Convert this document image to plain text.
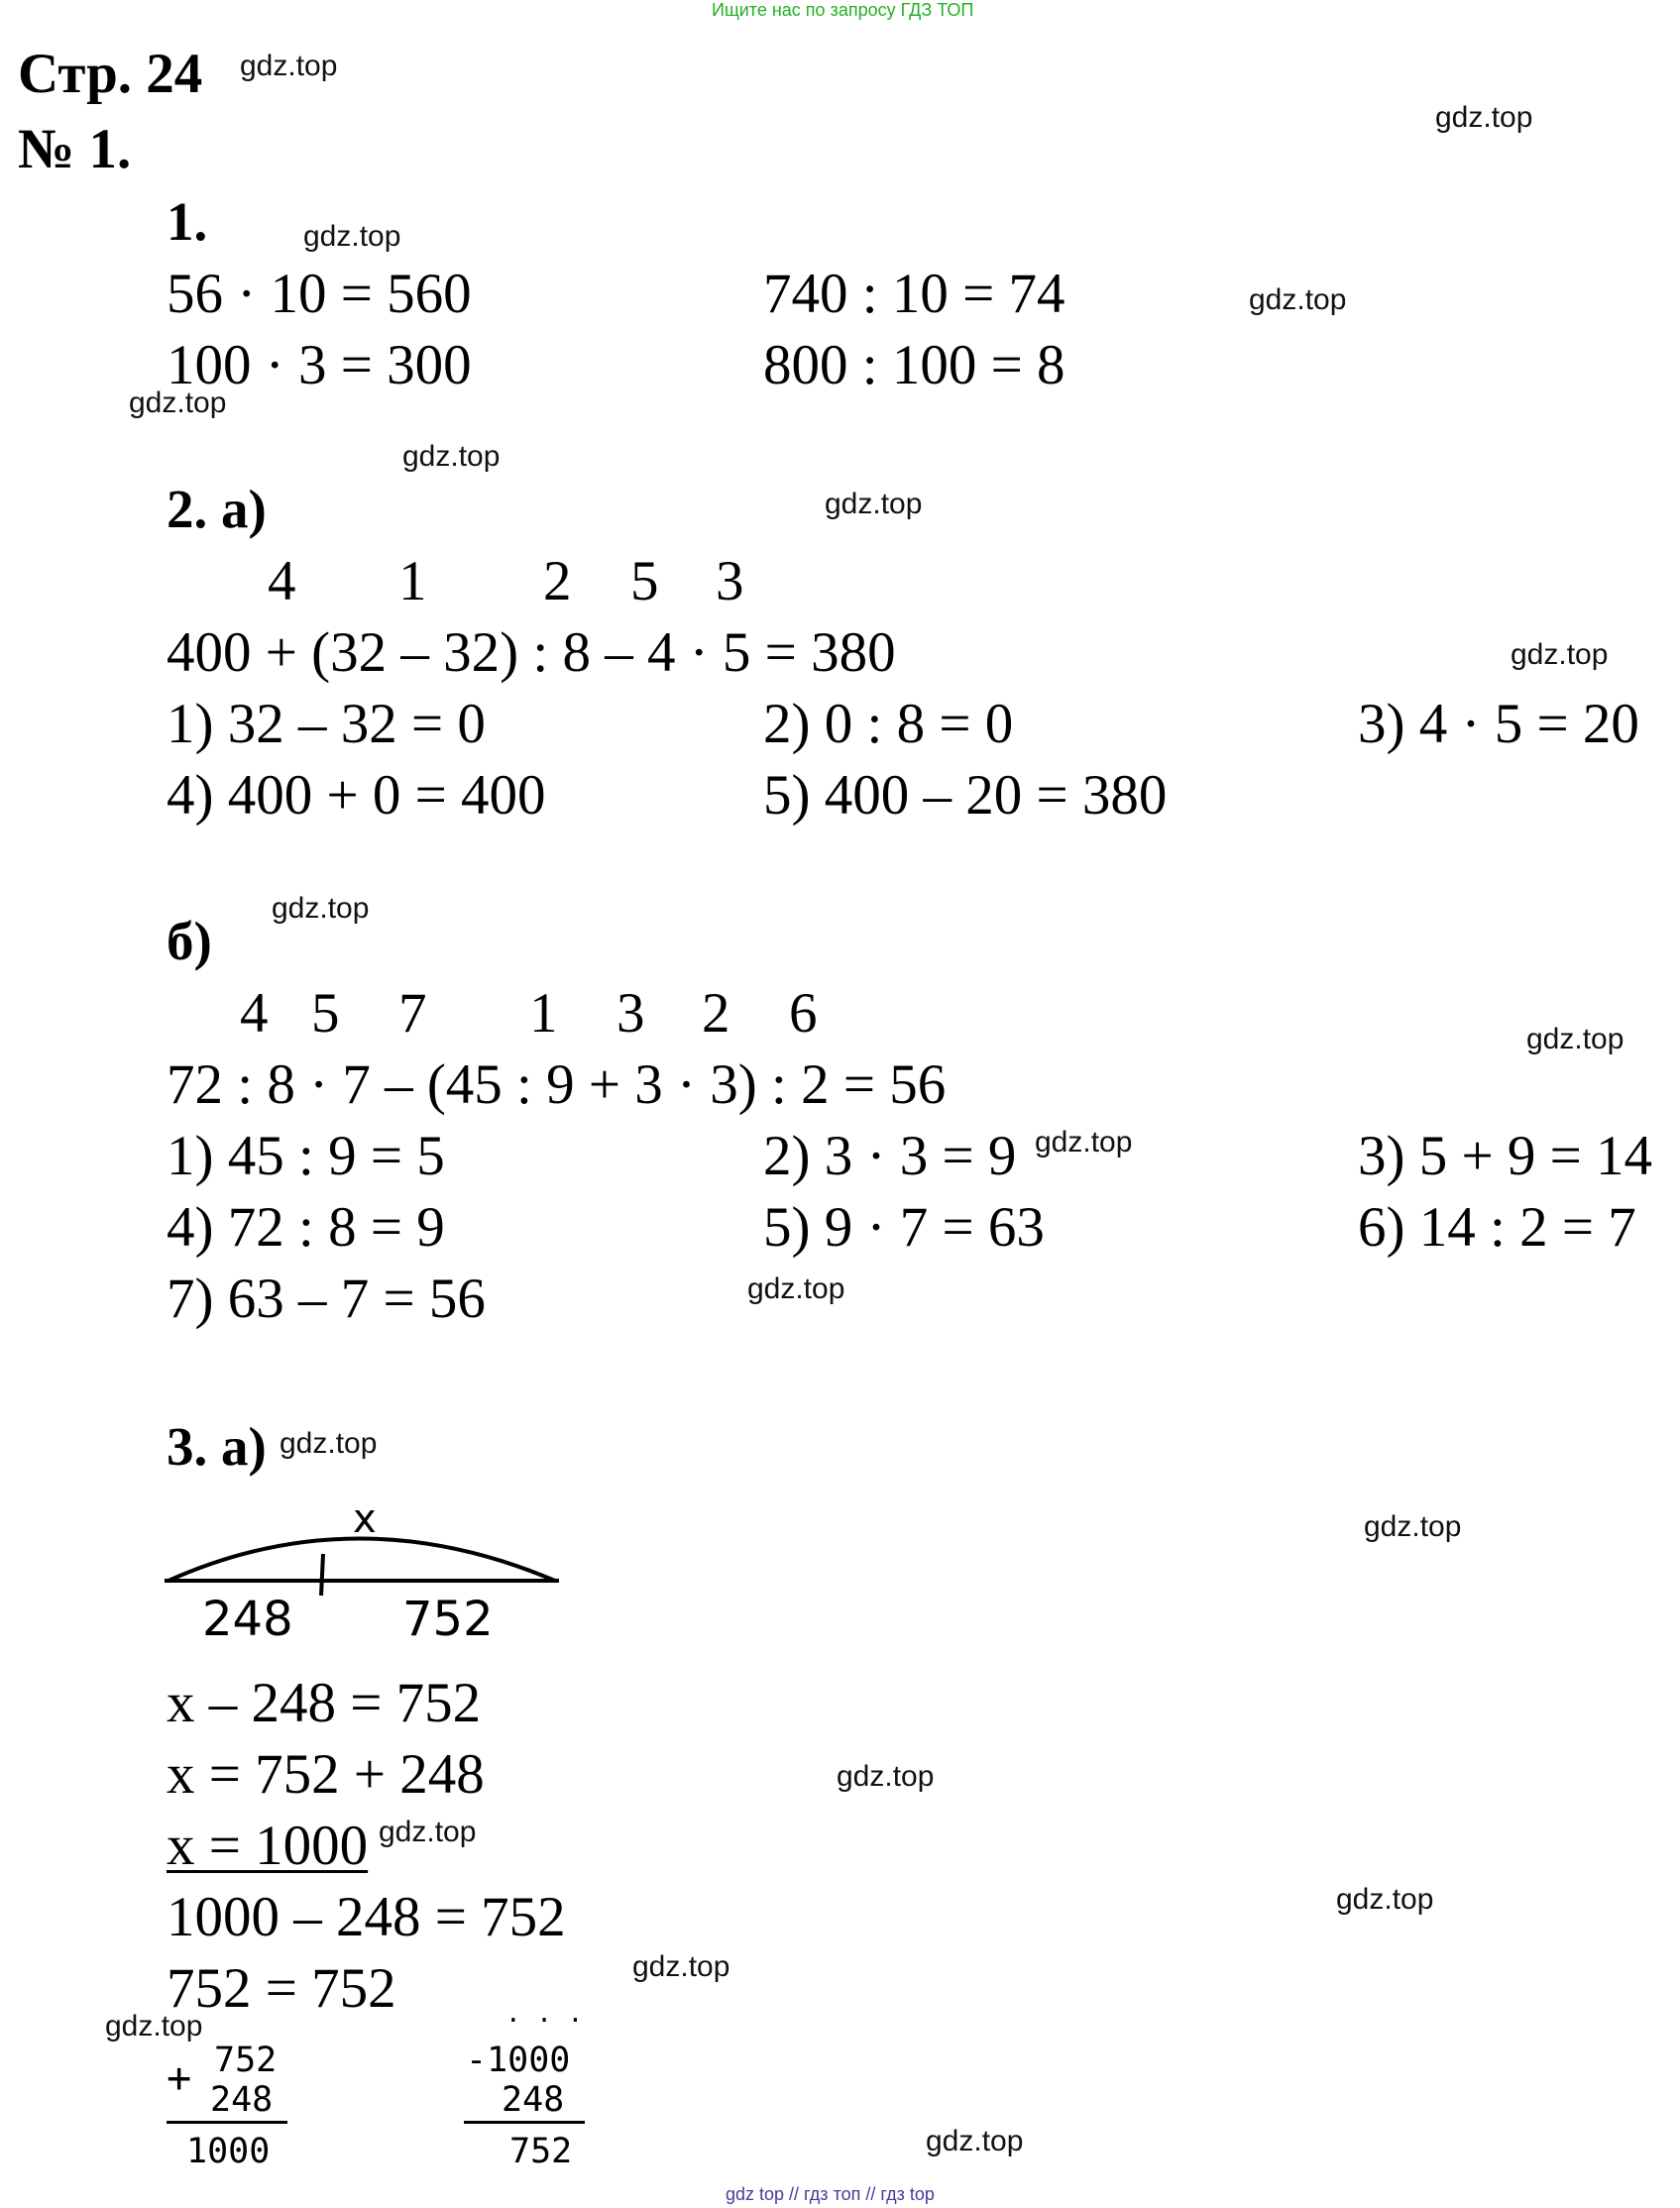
Ищите нас по запросу ГДЗ ТОП
Стр. 24
№ 1.
1.
56 · 10 = 560	740 : 10 = 74
100 · 3 = 300	800 : 100 = 8
2. а)
4 1 2 5 3
400 + (32 – 32) : 8 – 4 · 5 = 380
1) 32 – 32 = 0	2) 0 : 8 = 0	3) 4 · 5 = 20
4) 400 + 0 = 400	5) 400 – 20 = 380
б)
4 5 7 1 3 2 6
72 : 8 · 7 – (45 : 9 + 3 · 3) : 2 = 56
1) 45 : 9 = 5	2) 3 · 3 = 9	3) 5 + 9 = 14
4) 72 : 8 = 9	5) 9 · 7 = 63	6) 14 : 2 = 7
7) 63 – 7 = 56
3. а)
x
248 752
x – 248 = 752
x = 752 + 248
x = 1000
1000 – 248 = 752
752 = 752
+ 752
248
1000
· · ·
-1000
248
752
gdz.top
gdz.top
gdz.top
gdz.top
gdz.top
gdz.top
gdz.top
gdz.top
gdz.top
gdz.top
gdz.top
gdz.top
gdz.top
gdz.top
gdz.top
gdz.top
gdz.top
gdz.top
gdz.top
gdz.top
gdz top // гдз топ // гдз top
